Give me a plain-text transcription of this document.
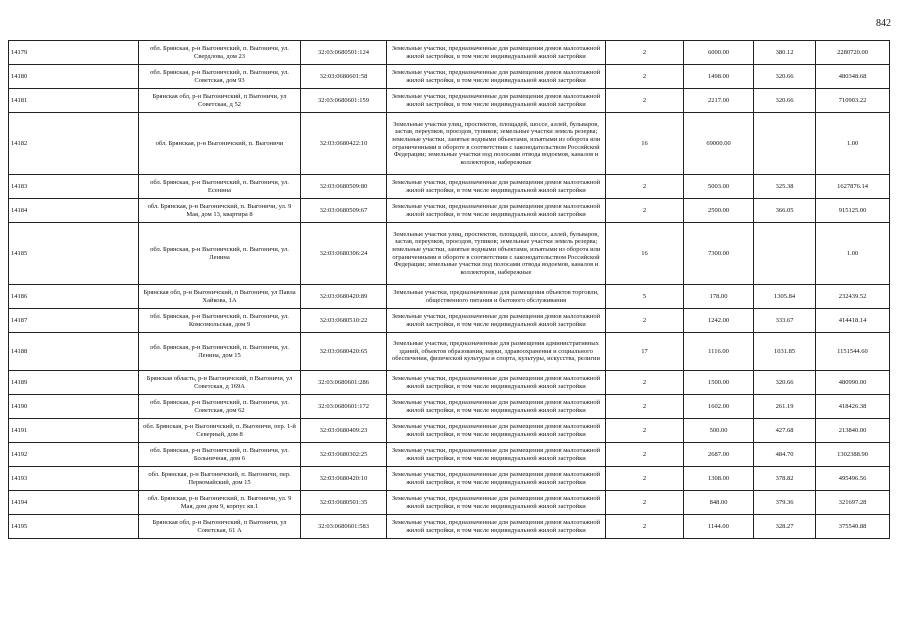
842
14179	обл. Брянская, р-н Выгоничский, п. Выгоничи, ул. Свердлова, дом 23	32:03:0680501:124	Земельные участки, предназначенные для размещения домов малоэтажной жилой застройки, в том числе индивидуальной жилой застройки	2	6000.00	380.12	2280720.00
14180	обл. Брянская, р-н Выгоничский, п. Выгоничи, ул. Советская, дом 93	32:03:0680601:58	Земельные участки, предназначенные для размещения домов малоэтажной жилой застройки, в том числе индивидуальной жилой застройки	2	1498.00	320.66	480348.68
14181	Брянская обл, р-н Выгоничский, п Выгоничи, ул Советская, д 52	32:03:0680601:159	Земельные участки, предназначенные для размещения домов малоэтажной жилой застройки, в том числе индивидуальной жилой застройки	2	2217.00	320.66	710903.22
14182	обл. Брянская, р-н Выгоничский, п. Выгоничи	32:03:0680422:10	Земельные участки улиц, проспектов, площадей, шоссе, аллей, бульваров, застав, переулков, проездов, тупиков; земельные участки земель резерва; земельные участки, занятые водными объектами, изъятыми из оборота или ограниченными в обороте в соответствии с законодательством Российской Федерации; земельные участки под полосами отвода водоемов, каналов и коллекторов, набережные	16	69000.00		1.00
14183	обл. Брянская, р-н Выгоничский, п. Выгоничи, ул. Есенина	32:03:0680509:80	Земельные участки, предназначенные для размещения домов малоэтажной жилой застройки, в том числе индивидуальной жилой застройки	2	5003.00	325.38	1627876.14
14184	обл. Брянская, р-н Выгоничский, п. Выгоничи, ул. 9 Мая, дом 13, квартира 8	32:03:0680509:67	Земельные участки, предназначенные для размещения домов малоэтажной жилой застройки, в том числе индивидуальной жилой застройки	2	2500.00	366.05	915125.00
14185	обл. Брянская, р-н Выгоничский, п. Выгоничи, ул. Ленина	32:03:0680306:24	Земельные участки улиц, проспектов, площадей, шоссе, аллей, бульваров, застав, переулков, проездов, тупиков; земельные участки земель резерва; земельные участки, занятые водными объектами, изъятыми из оборота или ограниченными в обороте в соответствии с законодательством Российской Федерации; земельные участки под полосами отвода водоемов, каналов и коллекторов, набережные	16	7300.00		1.00
14186	Брянская обл, р-н Выгоничский, п Выгоничи, ул Павла Хайкова, 1А	32:03:0680420:89	Земельные участки, предназначенные для размещения объектов торговли, общественного питания и бытового обслуживания	5	178.00	1305.84	232439.52
14187	обл. Брянская, р-н Выгоничский, п. Выгоничи, ул. Комсомольская, дом 9	32:03:0680510:22	Земельные участки, предназначенные для размещения домов малоэтажной жилой застройки, в том числе индивидуальной жилой застройки	2	1242.00	333.67	414418.14
14188	обл. Брянская, р-н Выгоничский, п. Выгоничи, ул. Ленина, дом 15	32:03:0680420:65	Земельные участки, предназначенные для размещения административных зданий, объектов образования, науки, здравоохранения и социального обеспечения, физической культуры и спорта, культуры, искусства, религии	17	1116.00	1031.85	1151544.60
14189	Брянская область, р-н Выгоничский, п Выгоничи, ул Советская, д 169А	32:03:0680601:286	Земельные участки, предназначенные для размещения домов малоэтажной жилой застройки, в том числе индивидуальной жилой застройки	2	1500.00	320.66	480990.00
14190	обл. Брянская, р-н Выгоничский, п. Выгоничи, ул. Советская, дом 62	32:03:0680601:172	Земельные участки, предназначенные для размещения домов малоэтажной жилой застройки, в том числе индивидуальной жилой застройки	2	1602.00	261.19	418426.38
14191	обл. Брянская, р-н Выгоничский, п. Выгоничи, пер. 1-й Северный, дом 8	32:03:0680409:23	Земельные участки, предназначенные для размещения домов малоэтажной жилой застройки, в том числе индивидуальной жилой застройки	2	500.00	427.68	213840.00
14192	обл. Брянская, р-н Выгоничский, п. Выгоничи, ул. Больничная, дом 6	32:03:0680302:25	Земельные участки, предназначенные для размещения домов малоэтажной жилой застройки, в том числе индивидуальной жилой застройки	2	2687.00	484.70	1302388.90
14193	обл. Брянская, р-н Выгоничский, п. Выгоничи, пер. Первомайский, дом 15	32:03:0680420:10	Земельные участки, предназначенные для размещения домов малоэтажной жилой застройки, в том числе индивидуальной жилой застройки	2	1308.00	378.82	495496.56
14194	обл. Брянская, р-н Выгоничский, п. Выгоничи, ул. 9 Мая, дом дом 9, корпус кв.1	32:03:0680501:35	Земельные участки, предназначенные для размещения домов малоэтажной жилой застройки, в том числе индивидуальной жилой застройки	2	848.00	379.36	321697.28
14195	Брянская обл, р-н Выгоничский, п Выгоничи, ул Советская, 61 А	32:03:0680601:583	Земельные участки, предназначенные для размещения домов малоэтажной жилой застройки, в том числе индивидуальной жилой застройки	2	1144.00	328.27	375540.88
